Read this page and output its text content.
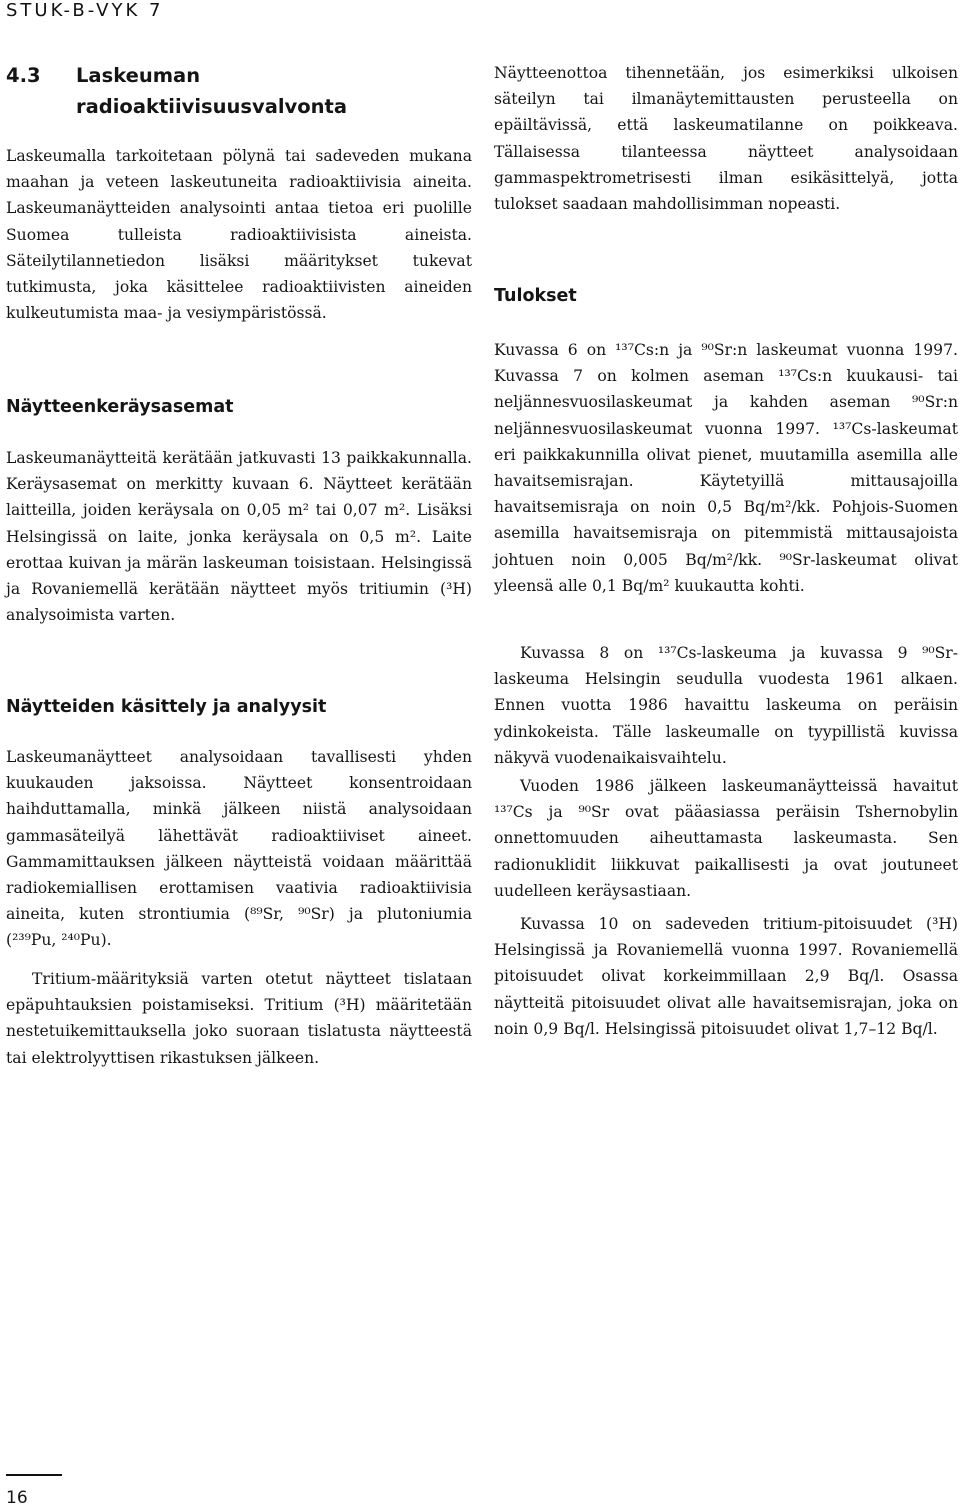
STUK-B-VYK 7
4.3 Laskeuman
radioaktiivisuusvalvonta

Laskeumalla tarkoitetaan pölynä tai sadeveden mukana maahan ja veteen laskeutuneita radioaktiivisia aineita. Laskeumanäytteiden analysointi antaa tietoa eri puolille Suomea tulleista radioaktiivisista aineista. Säteilytilannetiedon lisäksi määritykset tukevat tutkimusta, joka käsittelee radioaktiivisten aineiden kulkeutumista maa- ja vesiympäristössä.

Näytteenkeräysasemat

Laskeumanäytteitä kerätään jatkuvasti 13 paikkakunnalla. Keräysasemat on merkitty kuvaan 6. Näytteet kerätään laitteilla, joiden keräysala on 0,05 m² tai 0,07 m². Lisäksi Helsingissä on laite, jonka keräysala on 0,5 m². Laite erottaa kuivan ja märän laskeuman toisistaan. Helsingissä ja Rovaniemellä kerätään näytteet myös tritiumin (³H) analysoimista varten.

Näytteiden käsittely ja analyysit

Laskeumanäytteet analysoidaan tavallisesti yhden kuukauden jaksoissa. Näytteet konsentroidaan haihduttamalla, minkä jälkeen niistä analysoidaan gammasäteilyä lähettävät radioaktiiviset aineet. Gammamittauksen jälkeen näytteistä voidaan määrittää radiokemiallisen erottamisen vaativia radioaktiivisia aineita, kuten strontiumia (⁸⁹Sr, ⁹⁰Sr) ja plutoniumia (²³⁹Pu, ²⁴⁰Pu).

Tritium-määrityksiä varten otetut näytteet tislataan epäpuhtauksien poistamiseksi. Tritium (³H) määritetään nestetuikemittauksella joko suoraan tislatusta näytteestä tai elektrolyyttisen rikastuksen jälkeen.

Näytteenottoa tihennetään, jos esimerkiksi ulkoisen säteilyn tai ilmanäytemittausten perusteella on epäiltävissä, että laskeumatilanne on poikkeava. Tällaisessa tilanteessa näytteet analysoidaan gammaspektrometrisesti ilman esikäsittelyä, jotta tulokset saadaan mahdollisimman nopeasti.

Tulokset

Kuvassa 6 on ¹³⁷Cs:n ja ⁹⁰Sr:n laskeumat vuonna 1997. Kuvassa 7 on kolmen aseman ¹³⁷Cs:n kuukausi- tai neljännesvuosilaskeumat ja kahden aseman ⁹⁰Sr:n neljännesvuosilaskeumat vuonna 1997. ¹³⁷Cs-laskeumat eri paikkakunnilla olivat pienet, muutamilla asemilla alle havaitsemisrajan. Käytetyillä mittausajoilla havaitsemisraja on noin 0,5 Bq/m²/kk. Pohjois-Suomen asemilla havaitsemisraja on pitemmistä mittausajoista johtuen noin 0,005 Bq/m²/kk. ⁹⁰Sr-laskeumat olivat yleensä alle 0,1 Bq/m² kuukautta kohti.

Kuvassa 8 on ¹³⁷Cs-laskeuma ja kuvassa 9 ⁹⁰Sr-laskeuma Helsingin seudulla vuodesta 1961 alkaen. Ennen vuotta 1986 havaittu laskeuma on peräisin ydinkokeista. Tälle laskeumalle on tyypillistä kuvissa näkyvä vuodenaikaisvaihtelu.

Vuoden 1986 jälkeen laskeumanäytteissä havaitut ¹³⁷Cs ja ⁹⁰Sr ovat pääasiassa peräisin Tshernobylin onnettomuuden aiheuttamasta laskeumasta. Sen radionuklidit liikkuvat paikallisesti ja ovat joutuneet uudelleen keräysastiaan.

Kuvassa 10 on sadeveden tritium-pitoisuudet (³H) Helsingissä ja Rovaniemellä vuonna 1997. Rovaniemellä pitoisuudet olivat korkeimmillaan 2,9 Bq/l. Osassa näytteitä pitoisuudet olivat alle havaitsemisrajan, joka on noin 0,9 Bq/l. Helsingissä pitoisuudet olivat 1,7–12 Bq/l.

16
